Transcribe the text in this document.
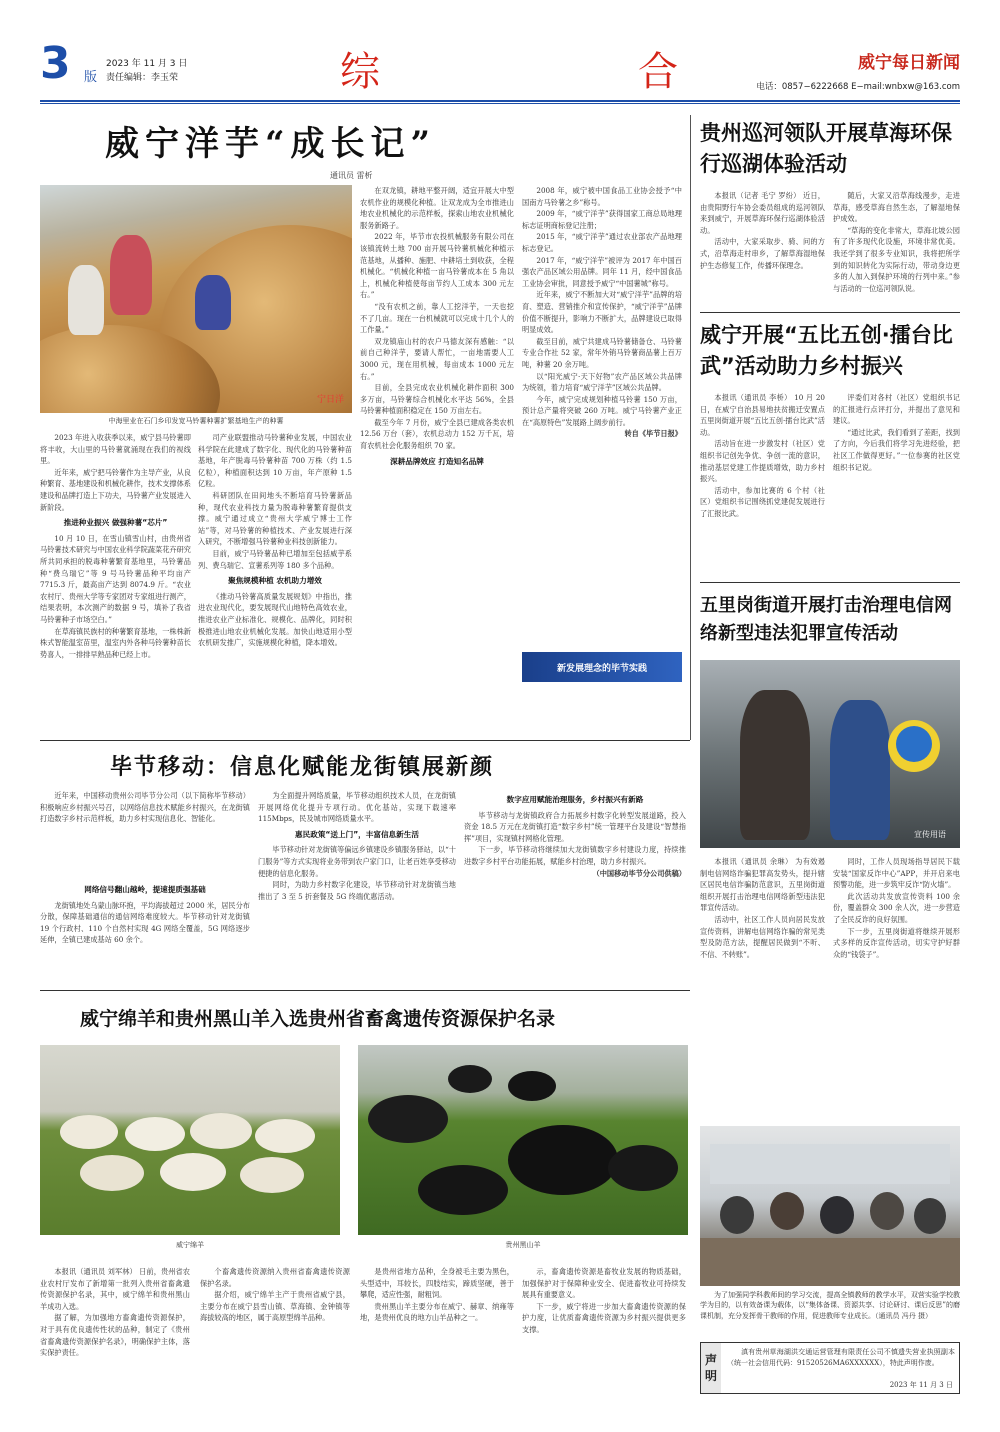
3 版
2023 年 11 月 3 日
责任编辑：李玉荣	综	合	威宁每日新闻
电话：0857−6222668 E−mail:wnbxw@163.com
威宁洋芋“成长记”
通讯员 雷析
宁日洋
中海里业在石门乡印发宽马铃薯种薯扩繁基地生产的种薯

2023 年进入收获季以来，威宁县马铃薯即将丰收，大山里的马铃薯就涌现在我们的视线里。

近年来，威宁把马铃薯作为主导产业，从良种繁育、基地建设和机械化耕作，技术支撑体系建设和品牌打造上下功夫，马铃薯产业发展进入新阶段。

推进种业振兴 做强种薯“芯片”

10 月 10 日，在雪山镇雪山村，由贵州省马铃薯技术研究与中国农业科学院蔬菜花卉研究所共同承担的脱毒种薯繁育基地里，马铃薯品种“费乌瑞它”等 9 号马铃薯品种平均亩产 7715.3 斤，最高亩产达到 8074.9 斤。“农业农村厅、贵州大学等专家团对专家组进行测产，结果表明，本次测产的数据 9 号，填补了我省马铃薯种子市场空白。”

在草海镇民族村的种薯繁育基地，一株株新株式智能温室苗里，温室内外各种马铃薯种苗长势喜人，一排排早熟品种已经上市。

司产业联盟推动马铃薯种业发展，中国农业科学院在此建成了数字化、现代化的马铃薯种苗基地，年产脱毒马铃薯种苗 700 万株（约 1.5 亿粒），种植面积达到 10 万亩，年产原种 1.5 亿粒。

科研团队在田间地头不断培育马铃薯新品种，现代农业科技力量为脱毒种薯繁育提供支撑。威宁通过成立“贵州大学威宁博士工作站”等，对马铃薯的种植技术、产业发展进行深入研究，不断增强马铃薯种业科技创新能力。

目前，威宁马铃薯品种已增加至包括威芋系列、费乌瑞它、宣薯系列等 180 多个品种。

聚焦规模种植 农机助力增效

《推动马铃薯高质量发展规划》中指出，推进农业现代化，要发展现代山地特色高效农业，推进农业产业标准化、规模化、品牌化，同时积极推进山地农业机械化发展。加快山地适用小型农机研发推广，实施规模化种植，降本增效。

在双龙镇，耕地平整开阔，适宜开展大中型农机作业的规模化种植。让双龙成为全市推进山地农业机械化的示范样板，探索山地农业机械化服务新路子。

2022 年，毕节市农投机械服务有限公司在该镇流转土地 700 亩开展马铃薯机械化种植示范基地，从播种、施肥、中耕培土到收获，全程机械化。“机械化种植一亩马铃薯成本在 5 角以上，机械化种植使每亩节约人工成本 300 元左右。”

“没有农机之前，靠人工挖洋芋，一天也挖不了几亩。现在一台机械就可以完成十几个人的工作量。”

双龙镇庙山村的农户马德友深有感触：“以前自己种洋芋，要请人帮忙，一亩地需要人工 3000 元，现在用机械，每亩成本 1000 元左右。”

目前，全县完成农业机械化耕作面积 300 多万亩，马铃薯综合机械化水平达 56%，全县马铃薯种植面积稳定在 150 万亩左右。

截至今年 7 月份，威宁全县已建成各类农机 12.56 万台（套），农机总动力 152 万千瓦，培育农机社会化服务组织 70 家。

深耕品牌效应 打造知名品牌

2008 年，威宁被中国食品工业协会授予“中国南方马铃薯之乡”称号。

2009 年，“威宁洋芋”获得国家工商总局地理标志证明商标登记注册；

2015 年，“威宁洋芋”通过农业部农产品地理标志登记。

2017 年，“威宁洋芋”被评为 2017 年中国百强农产品区域公用品牌。同年 11 月，经中国食品工业协会审批，同意授予威宁“中国薯城”称号。

近年来，威宁不断加大对“威宁洋芋”品牌的培育、塑造、营销推介和宣传保护，“威宁洋芋”品牌价值不断提升，影响力不断扩大，品牌建设已取得明显成效。

截至目前，威宁共建成马铃薯储备仓、马铃薯专业合作社 52 家，常年外销马铃薯商品薯上百万吨，种薯 20 余万吨。

以“阳光威宁·天下好物”农产品区域公共品牌为统领，着力培育“威宁洋芋”区域公共品牌。

今年，威宁完成规划种植马铃薯 150 万亩，预计总产量将突破 260 万吨。威宁马铃薯产业正在“高原特色”发展路上阔步前行。

转自《毕节日报》

新发展理念的毕节实践
毕节移动：信息化赋能龙街镇展新颜

近年来，中国移动贵州公司毕节分公司（以下简称毕节移动）积极响应乡村振兴号召，以网络信息技术赋能乡村振兴，在龙街镇打造数字乡村示范样板，助力乡村实现信息化、智能化。

网络信号翻山越岭，提速提质强基础

龙街镇地处乌蒙山脉环抱，平均海拔超过 2000 米，居民分布分散，保障基础通信的通信网络难度较大。毕节移动针对龙街镇 19 个行政村、110 个自然村实现 4G 网络全覆盖，5G 网络逐步延伸，全镇已建成基站 60 余个。

为全面提升网络质量，毕节移动组织技术人员，在龙街镇开展网络优化提升专项行动。优化基站，实现下载速率 115Mbps，民及城市网络质量水平。

惠民政策“送上门”，丰富信息新生活

毕节移动针对龙街镇等偏远乡镇建设乡镇服务驿站，以“十门服务”等方式实现将业务带到农户家门口，让老百姓享受移动便捷的信息化服务。

同时，为助力乡村数字化建设，毕节移动针对龙街镇当地推出了 3 至 5 折套餐及 5G 终端优惠活动。

数字应用赋能治理服务，乡村振兴有新路

毕节移动与龙街镇政府合力拓展乡村数字化转型发展道路，投入资金 18.5 万元在龙街镇打造“数字乡村”统一管理平台及建设“智慧指挥”项目，实现镇村网格化管理。

下一步，毕节移动将继续加大龙街镇数字乡村建设力度，持续推进数字乡村平台功能拓展，赋能乡村治理，助力乡村振兴。

（中国移动毕节分公司供稿）

威宁绵羊和贵州黑山羊入选贵州省畜禽遗传资源保护名录
威宁绵羊	贵州黑山羊

本报讯（通讯员 刘军林） 日前，贵州省农业农村厅发布了新增第一批列入贵州省畜禽遗传资源保护名录，其中，威宁绵羊和贵州黑山羊成功入选。

据了解，为加强地方畜禽遗传资源保护，对于具有优良遗传性状的品种，制定了《贵州省畜禽遗传资源保护名录》，明确保护主体，落实保护责任。

个畜禽遗传资源纳入贵州省畜禽遗传资源保护名录。

据介绍，威宁绵羊主产于贵州省威宁县，主要分布在威宁县雪山镇、草海镇、金钟镇等海拔较高的地区，属于高原型绵羊品种。

是贵州省地方品种，全身被毛主要为黑色，头型适中，耳较长，四肢结实，蹄质坚硬，善于攀爬，适应性强，耐粗饲。

贵州黑山羊主要分布在威宁、赫章、纳雍等地，是贵州优良的地方山羊品种之一。

示，畜禽遗传资源是畜牧业发展的物质基础，加强保护对于保障种业安全、促进畜牧业可持续发展具有重要意义。

下一步，威宁将进一步加大畜禽遗传资源的保护力度，让优质畜禽遗传资源为乡村振兴提供更多支撑。

贵州巡河领队开展草海环保行巡湖体验活动

本报讯（记者 毛宁 罗纷） 近日，由贵阳野行车协会委员组成的巡河领队来到威宁，开展草海环保行巡湖体验活动。

活动中，大家采取步、骑、问的方式，沿草海走村串乡，了解草海湿地保护生态修复工作，传播环保理念。

随后，大家又沿草海线漫步，走进草海，感受草海自然生态，了解湿地保护成效。

“草海的变化非常大，草海北坡公园有了许多现代化设施，环境非常优美。我还学到了很多专业知识，我将把所学到的知识转化为实际行动，带动身边更多的人加入到保护环境的行列中来。”参与活动的一位巡河领队说。

威宁开展“五比五创·擂台比武”活动助力乡村振兴

本报讯（通讯员 李桥） 10 月 20 日，在威宁自治县易地扶贫搬迁安置点五里岗街道开展“五比五创·擂台比武”活动。

活动旨在进一步激发村（社区）党组织书记创先争优、争创一流的意识，推动基层党建工作提质增效，助力乡村振兴。

活动中，参加比赛的 6 个村（社区）党组织书记围绕抓党建促发展进行了汇报比武。

评委们对各村（社区）党组织书记的汇报进行点评打分，并提出了意见和建议。

“通过比武，我们看到了差距，找到了方向，今后我们将学习先进经验，把社区工作做得更好。”一位参赛的社区党组织书记说。

五里岗街道开展打击治理电信网络新型违法犯罪宣传活动
宣传用语

本报讯（通讯员 余琳） 为有效遏制电信网络诈骗犯罪高发势头，提升辖区居民电信诈骗防范意识，五里岗街道组织开展打击治理电信网络新型违法犯罪宣传活动。

活动中，社区工作人员向居民发放宣传资料，讲解电信网络诈骗的常见类型及防范方法，提醒居民做到“不听、不信、不转账”。

同时，工作人员现场指导居民下载安装“国家反诈中心”APP，并开启来电预警功能，进一步筑牢反诈“防火墙”。

此次活动共发放宣传资料 100 余份，覆盖群众 300 余人次，进一步营造了全民反诈的良好氛围。

下一步，五里岗街道将继续开展形式多样的反诈宣传活动，切实守护好群众的“钱袋子”。

为了加强同学科教师间的学习交流，提高全镇教师的教学水平，双营实验学校教学为目的，以有效备课为载体，以“集体备课、资源共享、讨论研讨、课后反思”的磨课机制，充分发挥骨干教师的作用，促进教师专业成长。（通讯员 冯丹 摄）
声
明
滇有贵州草海湖洪交通运营管理有限责任公司不慎遗失营业执照副本（统一社会信用代码：91520526MA6XXXXXX），特此声明作废。
2023 年 11 月 3 日
